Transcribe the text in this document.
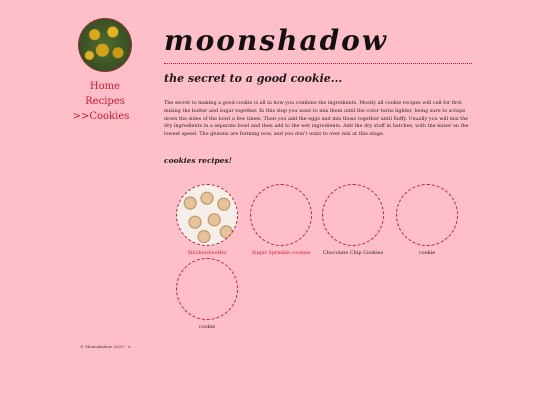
Home
Recipes
>>Cookies
moonshadow
the secret to a good cookie...

The secret to making a good cookie is all in how you combine the ingredients. Mostly all cookie recipes will call for first mixing the butter and sugar together. In this step you want to mix them until the color turns lighter, being sure to scrape down the sides of the bowl a few times. Then you add the eggs and mix those together until fluffy. Usually you will mix the dry ingredients in a separate bowl and then add to the wet ingredients. Add the dry stuff in batches, with the mixer on the lowest speed. The glutens are forming now, and you don't want to over mix at this stage.

cookies recipes!
Snickerdoodles	Sugar Sprinkle cookies	Chocolate Chip Cookies	cookie
cookie
© Moonshadow 2025 - ∞
